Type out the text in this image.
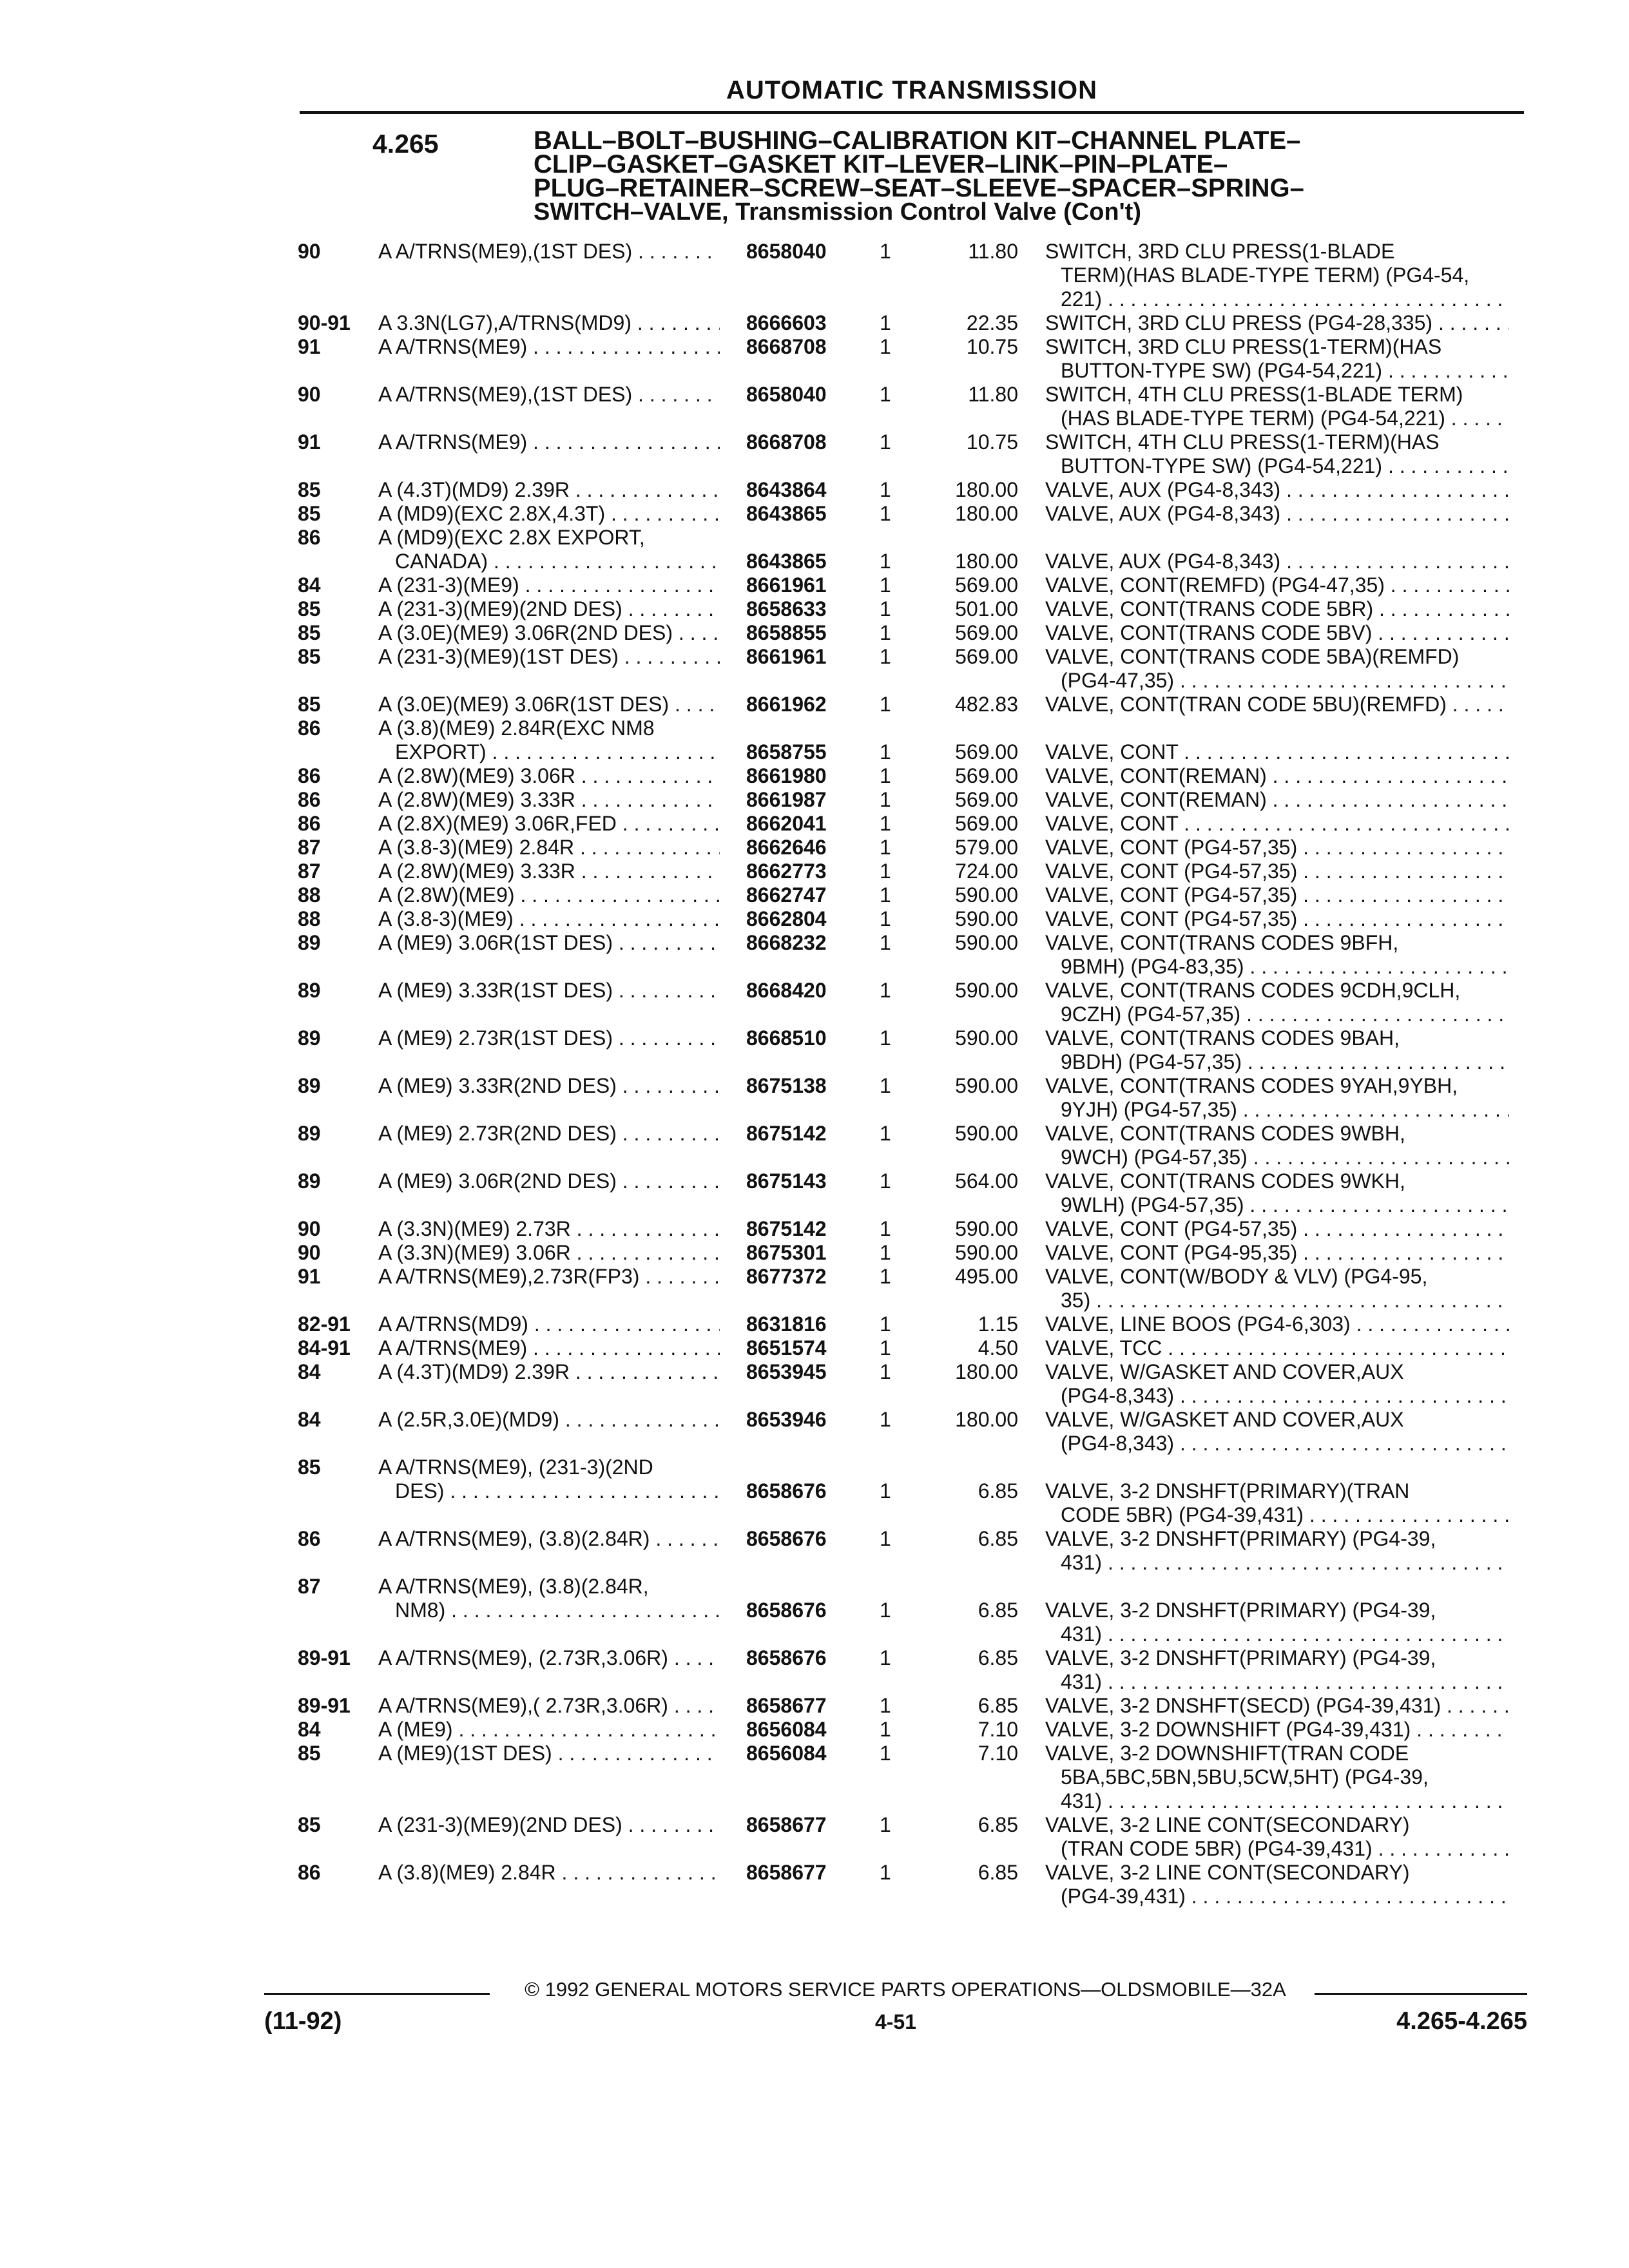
AUTOMATIC TRANSMISSION
4.265	BALL–BOLT–BUSHING–CALIBRATION KIT–CHANNEL PLATE–
CLIP–GASKET–GASKET KIT–LEVER–LINK–PIN–PLATE–
PLUG–RETAINER–SCREW–SEAT–SLEEVE–SPACER–SPRING–
SWITCH–VALVE, Transmission Control Valve (Con't)
90	A A/TRNS(ME9),(1ST DES) . . .	8658040	1	11.80 SWITCH, 3RD CLU PRESS(1-BLADE
TERM)(HAS BLADE-TYPE TERM) (PG4-54,
221) . . .
90-91 A 3.3N(LG7),A/TRNS(MD9) . . .	8666603	1	22.35 SWITCH, 3RD CLU PRESS (PG4-28,335) . . .
91	A A/TRNS(ME9) . . .	8668708	1	10.75 SWITCH, 3RD CLU PRESS(1-TERM)(HAS
BUTTON-TYPE SW) (PG4-54,221) . . .
90	A A/TRNS(ME9),(1ST DES) . . .	8658040	1	11.80 SWITCH, 4TH CLU PRESS(1-BLADE TERM)
(HAS BLADE-TYPE TERM) (PG4-54,221) . . .
91	A A/TRNS(ME9) . . .	8668708	1	10.75 SWITCH, 4TH CLU PRESS(1-TERM)(HAS
BUTTON-TYPE SW) (PG4-54,221) . . .
85	A (4.3T)(MD9) 2.39R . . .	8643864	1	180.00 VALVE, AUX (PG4-8,343) . . .
85	A (MD9)(EXC 2.8X,4.3T) . . .	8643865	1	180.00 VALVE, AUX (PG4-8,343) . . .
86	A (MD9)(EXC 2.8X EXPORT,
CANADA) . . .	8643865	1	180.00 VALVE, AUX (PG4-8,343) . . .
84	A (231-3)(ME9) . . .	8661961	1	569.00 VALVE, CONT(REMFD) (PG4-47,35) . . .
85	A (231-3)(ME9)(2ND DES) . . .	8658633	1	501.00 VALVE, CONT(TRANS CODE 5BR) . . .
85	A (3.0E)(ME9) 3.06R(2ND DES) . . .	8658855	1	569.00 VALVE, CONT(TRANS CODE 5BV) . . .
85	A (231-3)(ME9)(1ST DES) . . .	8661961	1	569.00 VALVE, CONT(TRANS CODE 5BA)(REMFD)
(PG4-47,35) . . .
85	A (3.0E)(ME9) 3.06R(1ST DES) . . .	8661962	1	482.83 VALVE, CONT(TRAN CODE 5BU)(REMFD) . . .
86	A (3.8)(ME9) 2.84R(EXC NM8
EXPORT) . . .	8658755	1	569.00 VALVE, CONT . . .
86	A (2.8W)(ME9) 3.06R . . .	8661980	1	569.00 VALVE, CONT(REMAN) . . .
86	A (2.8W)(ME9) 3.33R . . .	8661987	1	569.00 VALVE, CONT(REMAN) . . .
86	A (2.8X)(ME9) 3.06R,FED . . .	8662041	1	569.00 VALVE, CONT . . .
87	A (3.8-3)(ME9) 2.84R . . .	8662646	1	579.00 VALVE, CONT (PG4-57,35) . . .
87	A (2.8W)(ME9) 3.33R . . .	8662773	1	724.00 VALVE, CONT (PG4-57,35) . . .
88	A (2.8W)(ME9) . . .	8662747	1	590.00 VALVE, CONT (PG4-57,35) . . .
88	A (3.8-3)(ME9) . . .	8662804	1	590.00 VALVE, CONT (PG4-57,35) . . .
89	A (ME9) 3.06R(1ST DES) . . .	8668232	1	590.00 VALVE, CONT(TRANS CODES 9BFH,
9BMH) (PG4-83,35) . . .
89	A (ME9) 3.33R(1ST DES) . . .	8668420	1	590.00 VALVE, CONT(TRANS CODES 9CDH,9CLH,
9CZH) (PG4-57,35) . . .
89	A (ME9) 2.73R(1ST DES) . . .	8668510	1	590.00 VALVE, CONT(TRANS CODES 9BAH,
9BDH) (PG4-57,35) . . .
89	A (ME9) 3.33R(2ND DES) . . .	8675138	1	590.00 VALVE, CONT(TRANS CODES 9YAH,9YBH,
9YJH) (PG4-57,35) . . .
89	A (ME9) 2.73R(2ND DES) . . .	8675142	1	590.00 VALVE, CONT(TRANS CODES 9WBH,
9WCH) (PG4-57,35) . . .
89	A (ME9) 3.06R(2ND DES) . . .	8675143	1	564.00 VALVE, CONT(TRANS CODES 9WKH,
9WLH) (PG4-57,35) . . .
90	A (3.3N)(ME9) 2.73R . . .	8675142	1	590.00 VALVE, CONT (PG4-57,35) . . .
90	A (3.3N)(ME9) 3.06R . . .	8675301	1	590.00 VALVE, CONT (PG4-95,35) . . .
91	A A/TRNS(ME9),2.73R(FP3) . . .	8677372	1	495.00 VALVE, CONT(W/BODY & VLV) (PG4-95,
35) . . .
82-91 A A/TRNS(MD9) . . .	8631816	1	1.15 VALVE, LINE BOOS (PG4-6,303) . . .
84-91 A A/TRNS(ME9) . . .	8651574	1	4.50 VALVE, TCC . . .
84	A (4.3T)(MD9) 2.39R . . .	8653945	1	180.00 VALVE, W/GASKET AND COVER,AUX
(PG4-8,343) . . .
84	A (2.5R,3.0E)(MD9) . . .	8653946	1	180.00 VALVE, W/GASKET AND COVER,AUX
(PG4-8,343) . . .
85	A A/TRNS(ME9), (231-3)(2ND
DES) . . .	8658676	1	6.85 VALVE, 3-2 DNSHFT(PRIMARY)(TRAN
CODE 5BR) (PG4-39,431) . . .
86	A A/TRNS(ME9), (3.8)(2.84R) . . .	8658676	1	6.85 VALVE, 3-2 DNSHFT(PRIMARY) (PG4-39,
431) . . .
87	A A/TRNS(ME9), (3.8)(2.84R,
NM8) . . .	8658676	1	6.85 VALVE, 3-2 DNSHFT(PRIMARY) (PG4-39,
431) . . .
89-91 A A/TRNS(ME9), (2.73R,3.06R) . . .	8658676	1	6.85 VALVE, 3-2 DNSHFT(PRIMARY) (PG4-39,
431) . . .
89-91 A A/TRNS(ME9),( 2.73R,3.06R) . . .	8658677	1	6.85 VALVE, 3-2 DNSHFT(SECD) (PG4-39,431) . . .
84	A (ME9) . . .	8656084	1	7.10 VALVE, 3-2 DOWNSHIFT (PG4-39,431) . . .
85	A (ME9)(1ST DES) . . .	8656084	1	7.10 VALVE, 3-2 DOWNSHIFT(TRAN CODE
5BA,5BC,5BN,5BU,5CW,5HT) (PG4-39,
431) . . .
85	A (231-3)(ME9)(2ND DES) . . .	8658677	1	6.85 VALVE, 3-2 LINE CONT(SECONDARY)
(TRAN CODE 5BR) (PG4-39,431) . . .
86	A (3.8)(ME9) 2.84R . . .	8658677	1	6.85 VALVE, 3-2 LINE CONT(SECONDARY)
(PG4-39,431) . . .
© 1992 GENERAL MOTORS SERVICE PARTS OPERATIONS—OLDSMOBILE—32A
(11-92)	4-51	4.265-4.265
